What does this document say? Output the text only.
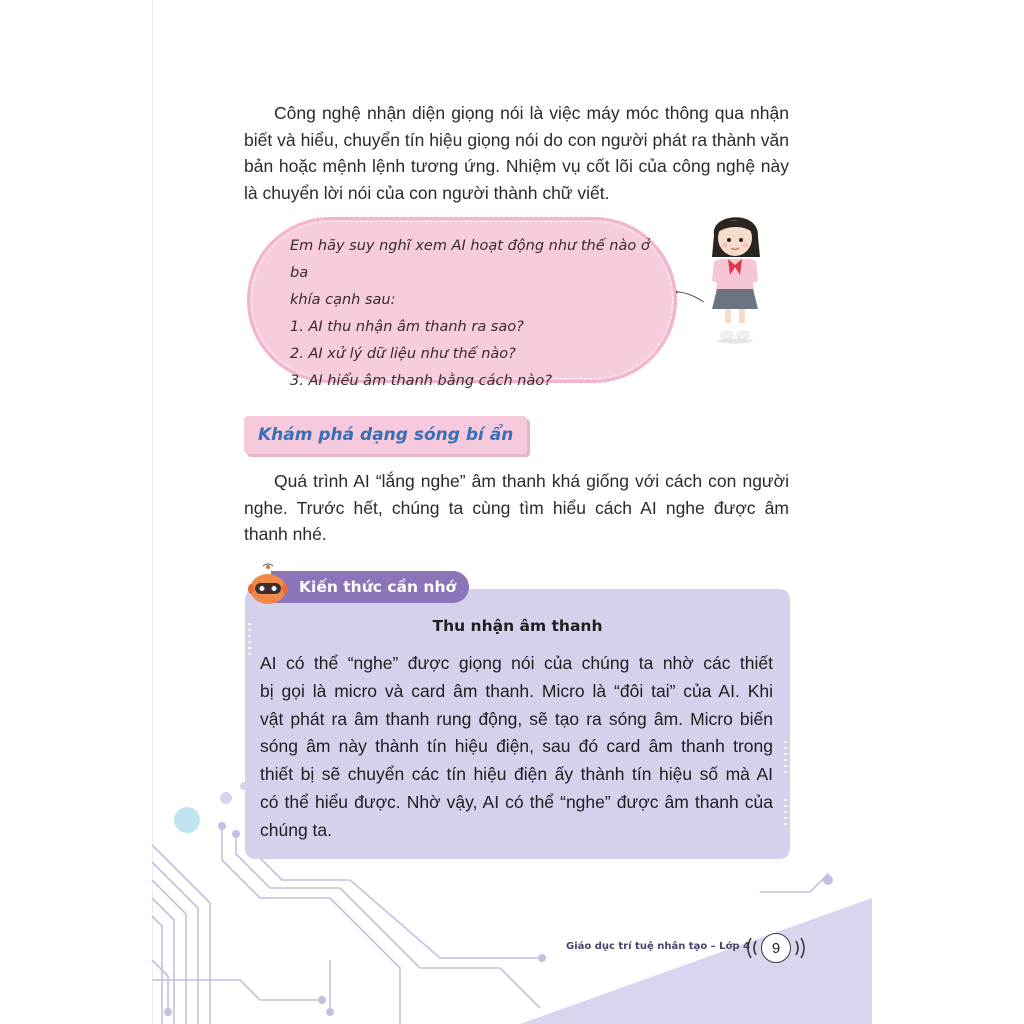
Công nghệ nhận diện giọng nói là việc máy móc thông qua nhận
biết và hiểu, chuyển tín hiệu giọng nói do con người phát ra thành văn
bản hoặc mệnh lệnh tương ứng. Nhiệm vụ cốt lõi của công nghệ này
là chuyển lời nói của con người thành chữ viết.

Em hãy suy nghĩ xem AI hoạt động như thế nào ở ba
khía cạnh sau:
1. AI thu nhận âm thanh ra sao?
2. AI xử lý dữ liệu như thế nào?
3. AI hiểu âm thanh bằng cách nào?
Khám phá dạng sóng bí ẩn

Quá trình AI “lắng nghe” âm thanh khá giống với cách con người
nghe. Trước hết, chúng ta cùng tìm hiểu cách AI nghe được âm
thanh nhé.

Kiến thức cần nhớ
Thu nhận âm thanh
AI có thể “nghe” được giọng nói của chúng ta nhờ các thiết
bị gọi là micro và card âm thanh. Micro là “đôi tai” của AI. Khi
vật phát ra âm thanh rung động, sẽ tạo ra sóng âm. Micro biến
sóng âm này thành tín hiệu điện, sau đó card âm thanh trong
thiết bị sẽ chuyển các tín hiệu điện ấy thành tín hiệu số mà AI
có thể hiểu được. Nhờ vậy, AI có thể “nghe” được âm thanh của
chúng ta.
Giáo dục trí tuệ nhân tạo – Lớp 4	9
